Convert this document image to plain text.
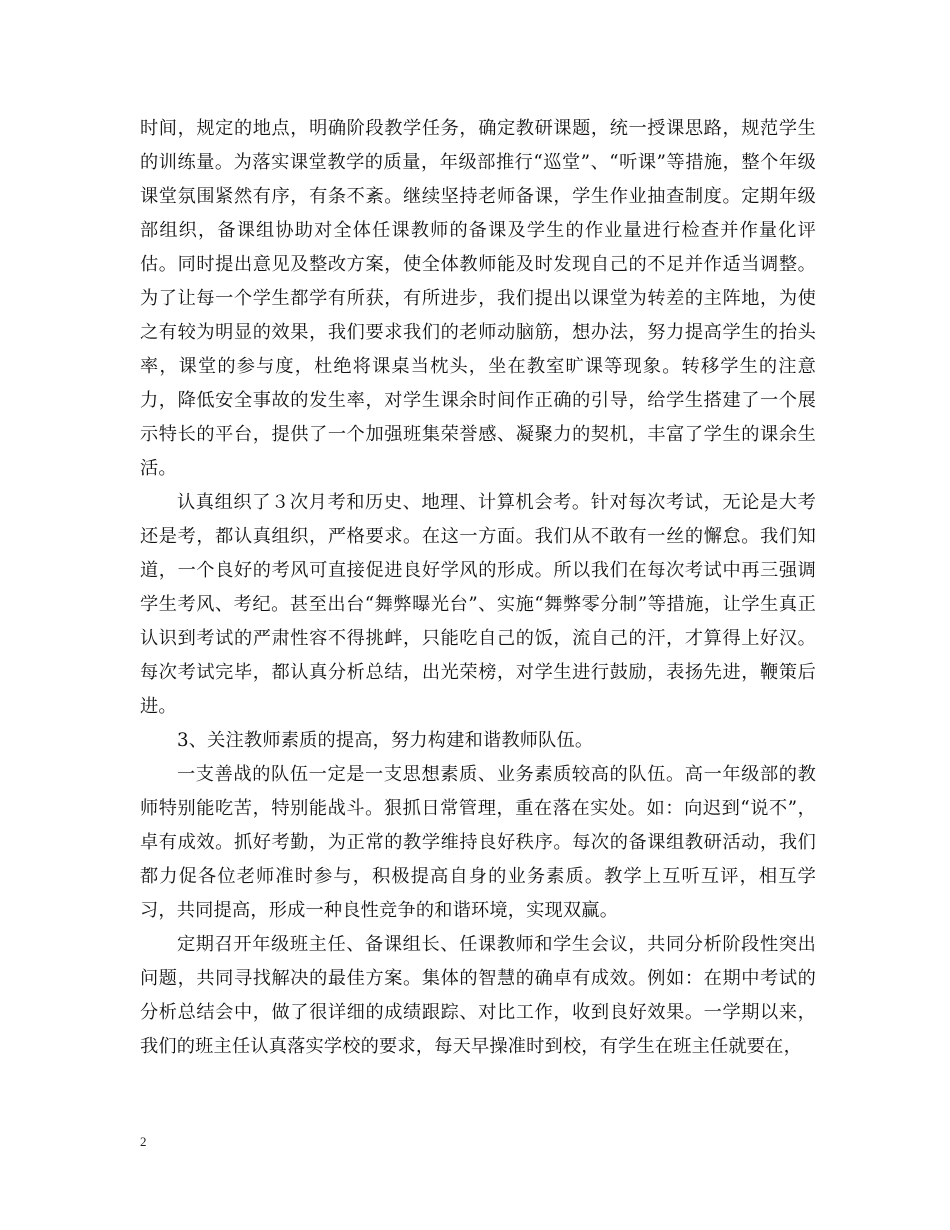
时间，规定的地点，明确阶段教学任务，确定教研课题，统一授课思路，规范学生的训练量。为落实课堂教学的质量，年级部推行“巡堂”、“听课”等措施，整个年级课堂氛围紧然有序，有条不紊。继续坚持老师备课，学生作业抽查制度。定期年级部组织，备课组协助对全体任课教师的备课及学生的作业量进行检查并作量化评估。同时提出意见及整改方案，使全体教师能及时发现自己的不足并作适当调整。为了让每一个学生都学有所获，有所进步，我们提出以课堂为转差的主阵地，为使之有较为明显的效果，我们要求我们的老师动脑筋，想办法，努力提高学生的抬头率，课堂的参与度，杜绝将课桌当枕头，坐在教室旷课等现象。转移学生的注意力，降低安全事故的发生率，对学生课余时间作正确的引导，给学生搭建了一个展示特长的平台，提供了一个加强班集荣誉感、凝聚力的契机，丰富了学生的课余生活。

认真组织了３次月考和历史、地理、计算机会考。针对每次考试，无论是大考还是考，都认真组织，严格要求。在这一方面。我们从不敢有一丝的懈怠。我们知道，一个良好的考风可直接促进良好学风的形成。所以我们在每次考试中再三强调学生考风、考纪。甚至出台“舞弊曝光台”、实施“舞弊零分制”等措施，让学生真正认识到考试的严肃性容不得挑衅，只能吃自己的饭，流自己的汗，才算得上好汉。每次考试完毕，都认真分析总结，出光荣榜，对学生进行鼓励，表扬先进，鞭策后进。

3、关注教师素质的提高，努力构建和谐教师队伍。

一支善战的队伍一定是一支思想素质、业务素质较高的队伍。高一年级部的教师特别能吃苦，特别能战斗。狠抓日常管理，重在落在实处。如：向迟到“说不”，卓有成效。抓好考勤，为正常的教学维持良好秩序。每次的备课组教研活动，我们都力促各位老师准时参与，积极提高自身的业务素质。教学上互听互评，相互学习，共同提高，形成一种良性竞争的和谐环境，实现双赢。

定期召开年级班主任、备课组长、任课教师和学生会议，共同分析阶段性突出问题，共同寻找解决的最佳方案。集体的智慧的确卓有成效。例如：在期中考试的分析总结会中，做了很详细的成绩跟踪、对比工作，收到良好效果。一学期以来，我们的班主任认真落实学校的要求，每天早操准时到校，有学生在班主任就要在，

2
